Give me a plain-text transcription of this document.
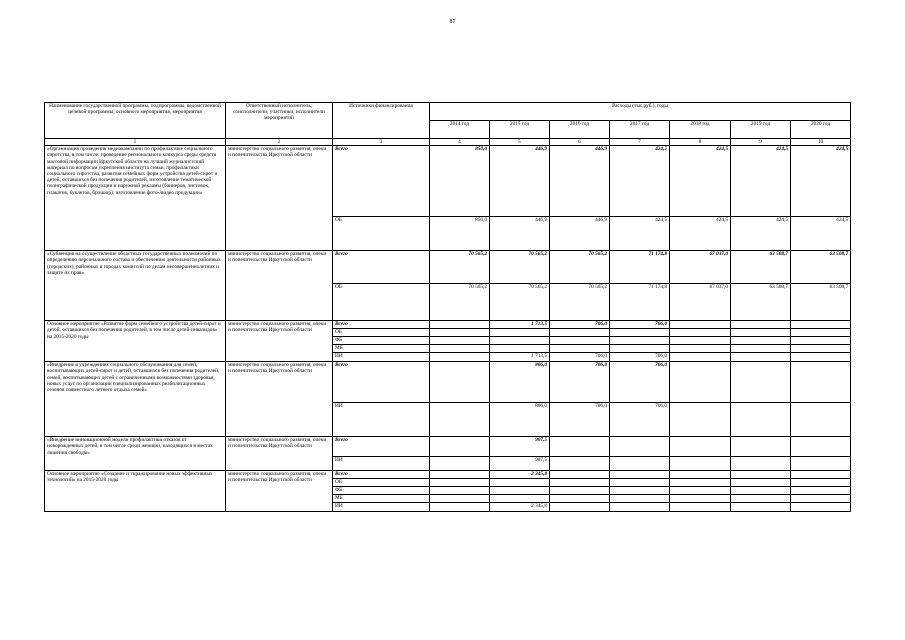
87
Наименование государственной программы, подпрограммы, ведомственной целевой программы, основного мероприятия, мероприятия	Ответственный исполнитель, соисполнители, участники, исполнители мероприятий	Источники финансирования	Расходы (тыс.руб.), годы						
			2014 год	2015 год	2016 год	2017 год	2018 год	2019 год	2020 год
1	2	3	4	5	6	7	8	9	10
«Организация проведения медиакампании по профилактике социального сиротства, в том числе: проведение регионального конкурса среды средств массовой информации Иркутской области на лучший журналистский материал по вопросам укрепления института семьи, профилактики социального сиротства, развития семейных форм устройства детей-сирот и детей, оставшихся без попечения родителей, изготовление тематической полиграфической продукции и наружной рекламы (баннеров, листовок, плакатов, буклетов, брошюр); изготовление фото-/видео продукции»	министерство социального развития, опеки и попечительства Иркутской области	Всего	850,0	446,9	446,9	424,5	424,5	424,5	424,5
		ОБ	850,0	446,9	446,9	424,5	424,5	424,5	424,5
«Субвенция на осуществление областных государственных полномочий по определению персонального состава и обеспечению деятельности районных (городских), районных в городах комиссий по делам несовершеннолетних и защите их прав»	министерство социального развития, опеки и попечительства Иркутской области	Всего	70 565,2	70 565,2	70 565,2	71 174,8	67 037,0	63 508,7	63 508,7
		ОБ	70 565,2	70 565,2	70 565,2	71 174,8	67 037,0	63 508,7	63 508,7
Основное мероприятие «Развитие форм семейного устройства детей-сирот и детей, оставшихся без попечения родителей, в том числе детей-инвалидов» на 2015-2020 годы	министерство социального развития, опеки и попечительства Иркутской области	Всего		1 713,5	706,0	706,0			
		ОБ							
		ФБ							
		МБ							
		ИИ		1 713,5	706,0	706,0			
«Внедрение в учреждениях социального обслуживания для семей, воспитывающих детей-сирот и детей, оставшихся без попечения родителей, семей, воспитывающих детей с ограниченными возможностями здоровья, новых услуг по организации специализированных реабилитационных сезонов совместного летнего отдыха семей»	министерство социального развития, опеки и попечительства Иркутской области	Всего		806,0	706,0	706,0			
		ИИ		806,0	706,0	706,0			
«Внедрение инновационной модели профилактики отказов от новорожденных детей, в том числе среди женщин, находящихся в местах лишения свободы»	министерство социального развития, опеки и попечительства Иркутской области	Всего		907,5					
		ИИ		907,5					
Основное мероприятие «Создание и тиражирование новых эффективных технологий» на 2015-2020 годы	министерство социального развития, опеки и попечительства Иркутской области	Всего		2 345,8					
		ОБ							
		ФБ							
		МБ							
		ИИ		2 345,8					
